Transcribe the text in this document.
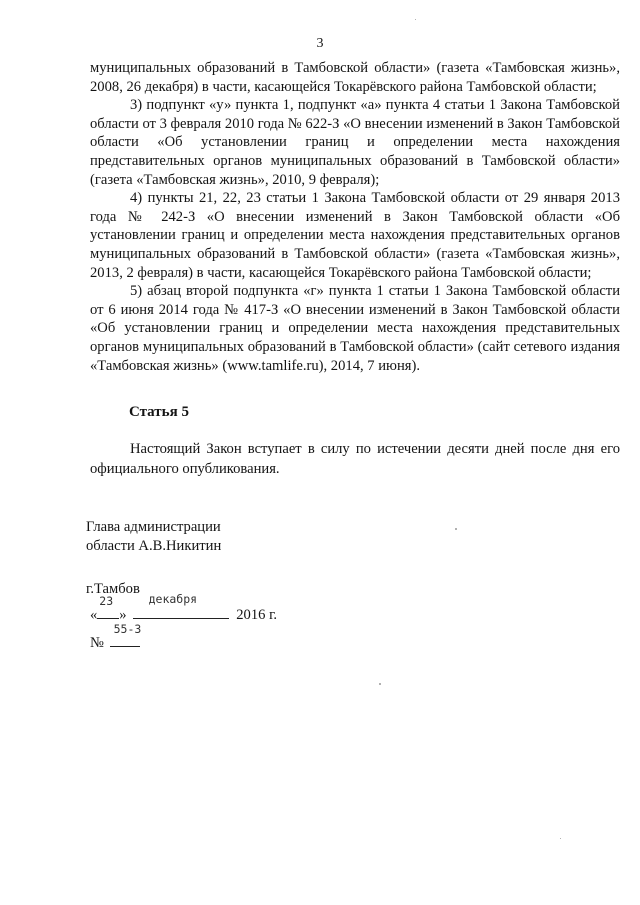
3

муниципальных образований в Тамбовской области» (газета «Тамбовская жизнь», 2008, 26 декабря) в части, касающейся Токарёвского района Тамбовской области;

3) подпункт «у» пункта 1, подпункт «а» пункта 4 статьи 1 Закона Тамбовской области от 3 февраля 2010 года № 622-З «О внесении изменений в Закон Тамбовской области «Об установлении границ и определении места нахождения представительных органов муниципальных образований в Тамбовской области» (газета «Тамбовская жизнь», 2010, 9 февраля);

4) пункты 21, 22, 23 статьи 1 Закона Тамбовской области от 29 января 2013 года № 242-З «О внесении изменений в Закон Тамбовской области «Об установлении границ и определении места нахождения представительных органов муниципальных образований в Тамбовской области» (газета «Тамбовская жизнь», 2013, 2 февраля) в части, касающейся Токарёвского района Тамбовской области;

5) абзац второй подпункта «г» пункта 1 статьи 1 Закона Тамбовской области от 6 июня 2014 года № 417-З «О внесении изменений в Закон Тамбовской области «Об установлении границ и определении места нахождения представительных органов муниципальных образований в Тамбовской области» (сайт сетевого издания «Тамбовская жизнь» (www.tamlife.ru), 2014, 7 июня).

Статья 5

Настоящий Закон вступает в силу по истечении десяти дней после дня его официального опубликования.

Глава администрации
области А.В.Никитин
г.Тамбов
«
23
»
декабря
2016 г.
№
55-З
